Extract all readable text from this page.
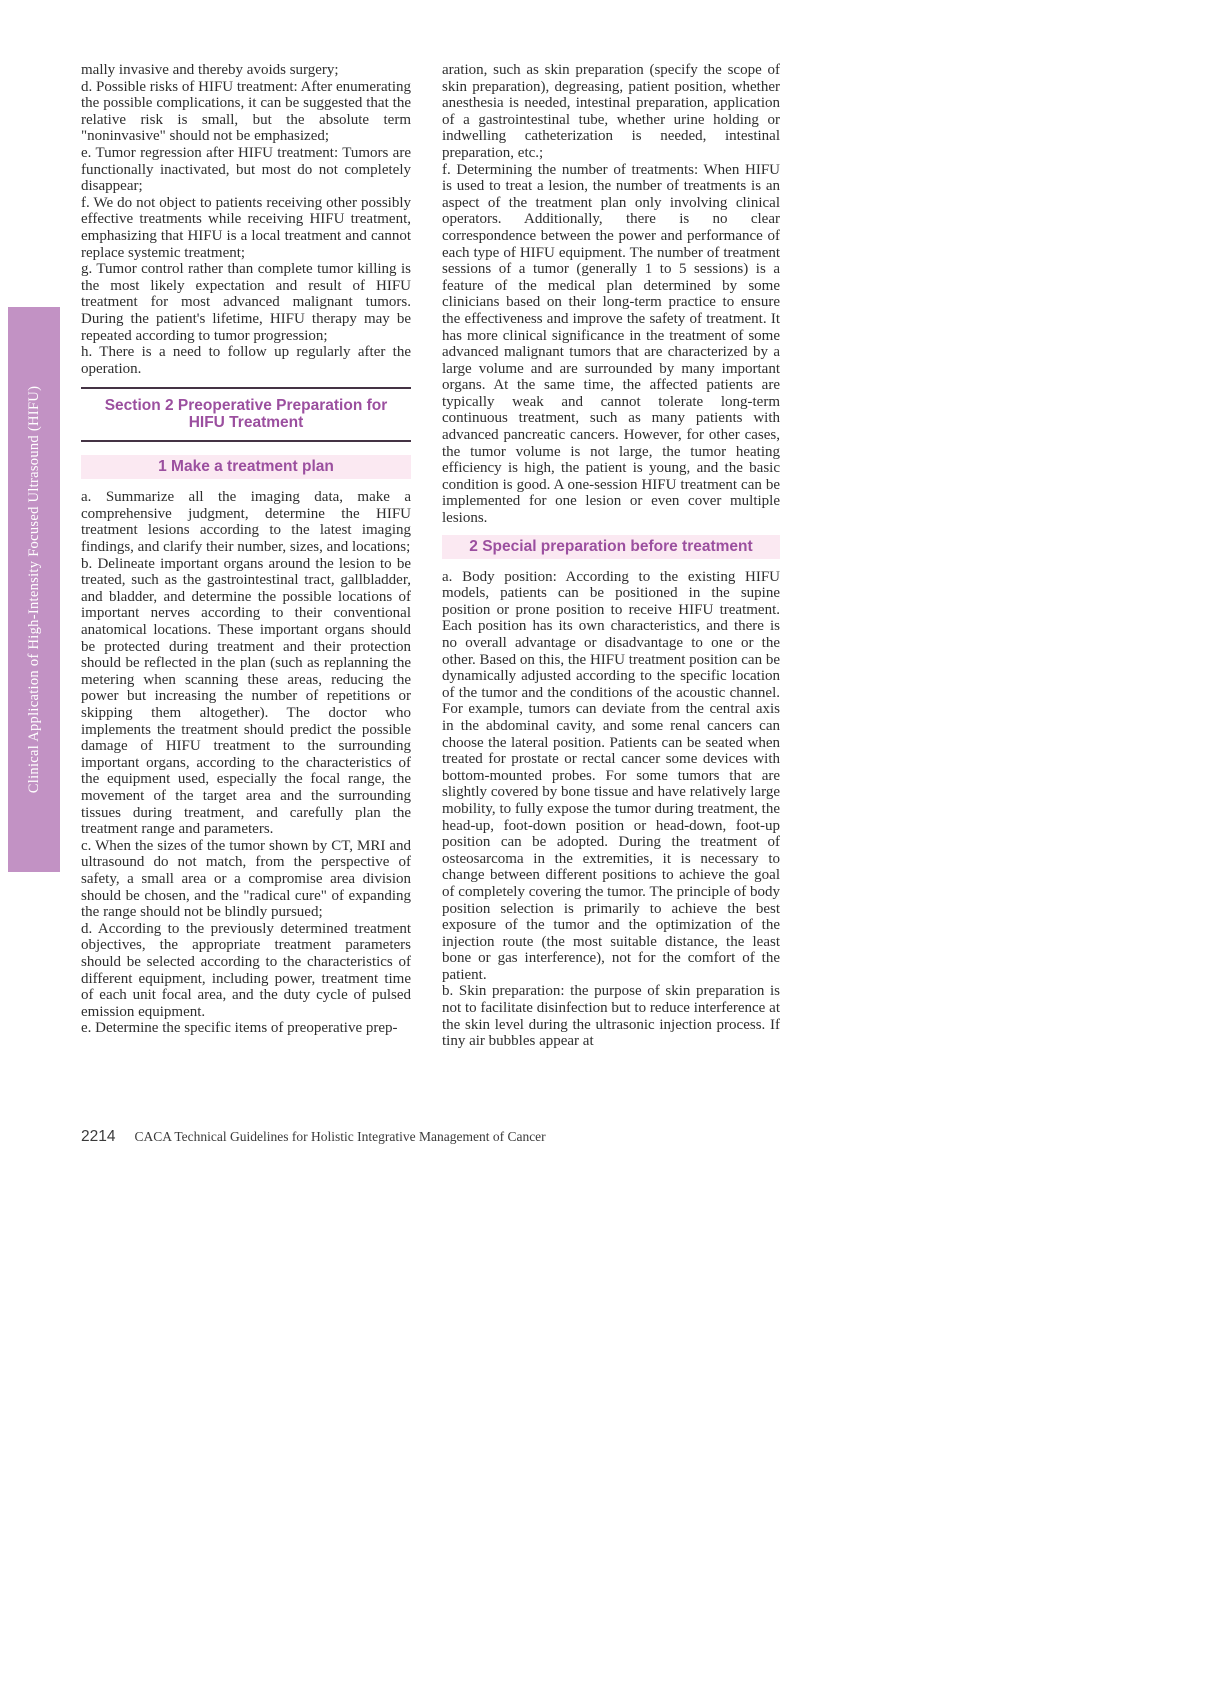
Clinical Application of High-Intensity Focused Ultrasound (HIFU)

mally invasive and thereby avoids surgery;

d. Possible risks of HIFU treatment: After enumerating the possible complications, it can be suggested that the relative risk is small, but the absolute term "noninvasive" should not be emphasized;

e. Tumor regression after HIFU treatment: Tumors are functionally inactivated, but most do not completely disappear;

f. We do not object to patients receiving other possibly effective treatments while receiving HIFU treatment, emphasizing that HIFU is a local treatment and cannot replace systemic treatment;

g. Tumor control rather than complete tumor killing is the most likely expectation and result of HIFU treatment for most advanced malignant tumors. During the patient's lifetime, HIFU therapy may be repeated according to tumor progression;

h. There is a need to follow up regularly after the operation.

Section 2 Preoperative Preparation for
HIFU Treatment
1 Make a treatment plan

a. Summarize all the imaging data, make a comprehensive judgment, determine the HIFU treatment lesions according to the latest imaging findings, and clarify their number, sizes, and locations;

b. Delineate important organs around the lesion to be treated, such as the gastrointestinal tract, gallbladder, and bladder, and determine the possible locations of important nerves according to their conventional anatomical locations. These important organs should be protected during treatment and their protection should be reflected in the plan (such as replanning the metering when scanning these areas, reducing the power but increasing the number of repetitions or skipping them altogether). The doctor who implements the treatment should predict the possible damage of HIFU treatment to the surrounding important organs, according to the characteristics of the equipment used, especially the focal range, the movement of the target area and the surrounding tissues during treatment, and carefully plan the treatment range and parameters.

c. When the sizes of the tumor shown by CT, MRI and ultrasound do not match, from the perspective of safety, a small area or a compromise area division should be chosen, and the "radical cure" of expanding the range should not be blindly pursued;

d. According to the previously determined treatment objectives, the appropriate treatment parameters should be selected according to the characteristics of different equipment, including power, treatment time of each unit focal area, and the duty cycle of pulsed emission equipment.

e. Determine the specific items of preoperative prep-

aration, such as skin preparation (specify the scope of skin preparation), degreasing, patient position, whether anesthesia is needed, intestinal preparation, application of a gastrointestinal tube, whether urine holding or indwelling catheterization is needed, intestinal preparation, etc.;

f. Determining the number of treatments: When HIFU is used to treat a lesion, the number of treatments is an aspect of the treatment plan only involving clinical operators. Additionally, there is no clear correspondence between the power and performance of each type of HIFU equipment. The number of treatment sessions of a tumor (generally 1 to 5 sessions) is a feature of the medical plan determined by some clinicians based on their long-term practice to ensure the effectiveness and improve the safety of treatment. It has more clinical significance in the treatment of some advanced malignant tumors that are characterized by a large volume and are surrounded by many important organs. At the same time, the affected patients are typically weak and cannot tolerate long-term continuous treatment, such as many patients with advanced pancreatic cancers. However, for other cases, the tumor volume is not large, the tumor heating efficiency is high, the patient is young, and the basic condition is good. A one-session HIFU treatment can be implemented for one lesion or even cover multiple lesions.

2 Special preparation before treatment

a. Body position: According to the existing HIFU models, patients can be positioned in the supine position or prone position to receive HIFU treatment. Each position has its own characteristics, and there is no overall advantage or disadvantage to one or the other. Based on this, the HIFU treatment position can be dynamically adjusted according to the specific location of the tumor and the conditions of the acoustic channel. For example, tumors can deviate from the central axis in the abdominal cavity, and some renal cancers can choose the lateral position. Patients can be seated when treated for prostate or rectal cancer some devices with bottom-mounted probes. For some tumors that are slightly covered by bone tissue and have relatively large mobility, to fully expose the tumor during treatment, the head-up, foot-down position or head-down, foot-up position can be adopted. During the treatment of osteosarcoma in the extremities, it is necessary to change between different positions to achieve the goal of completely covering the tumor. The principle of body position selection is primarily to achieve the best exposure of the tumor and the optimization of the injection route (the most suitable distance, the least bone or gas interference), not for the comfort of the patient.

b. Skin preparation: the purpose of skin preparation is not to facilitate disinfection but to reduce interference at the skin level during the ultrasonic injection process. If tiny air bubbles appear at

2214 CACA Technical Guidelines for Holistic Integrative Management of Cancer
